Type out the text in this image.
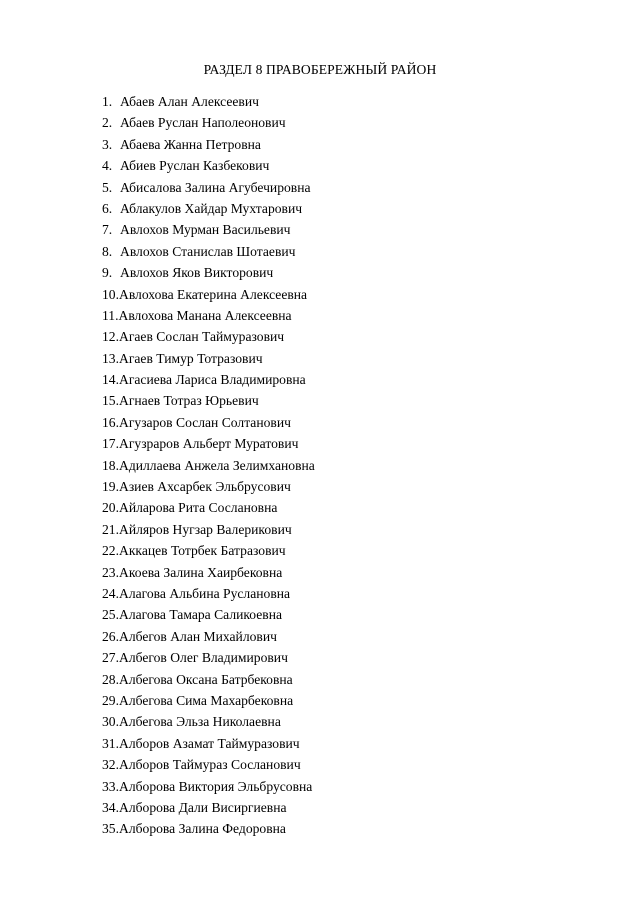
РАЗДЕЛ 8 ПРАВОБЕРЕЖНЫЙ РАЙОН
1. Абаев Алан Алексеевич
2. Абаев Руслан Наполеонович
3. Абаева Жанна Петровна
4. Абиев Руслан Казбекович
5. Абисалова Залина Агубечировна
6. Аблакулов Хайдар Мухтарович
7. Авлохов Мурман Васильевич
8. Авлохов Станислав Шотаевич
9. Авлохов Яков Викторович
10. Авлохова Екатерина Алексеевна
11. Авлохова Манана Алексеевна
12. Агаев Сослан Таймуразович
13. Агаев Тимур Тотразович
14. Агасиева Лариса Владимировна
15. Агнаев Тотраз Юрьевич
16. Агузаров Сослан Солтанович
17. Агузраров Альберт Муратович
18. Адиллаева Анжела Зелимхановна
19. Азиев Ахсарбек Эльбрусович
20. Айларова Рита Сослановна
21. Айляров Нугзар Валерикович
22. Аккацев Тотрбек Батразович
23. Акоева Залина Хаирбековна
24. Алагова Альбина Руслановна
25. Алагова Тамара Саликоевна
26. Албегов Алан Михайлович
27. Албегов Олег Владимирович
28. Албегова Оксана Батрбековна
29. Албегова Сима Махарбековна
30. Албегова Эльза Николаевна
31. Алборов Азамат Таймуразович
32. Алборов Таймураз Сосланович
33. Алборова Виктория Эльбрусовна
34. Алборова Дали Висиргиевна
35. Алборова Залина Федоровна
